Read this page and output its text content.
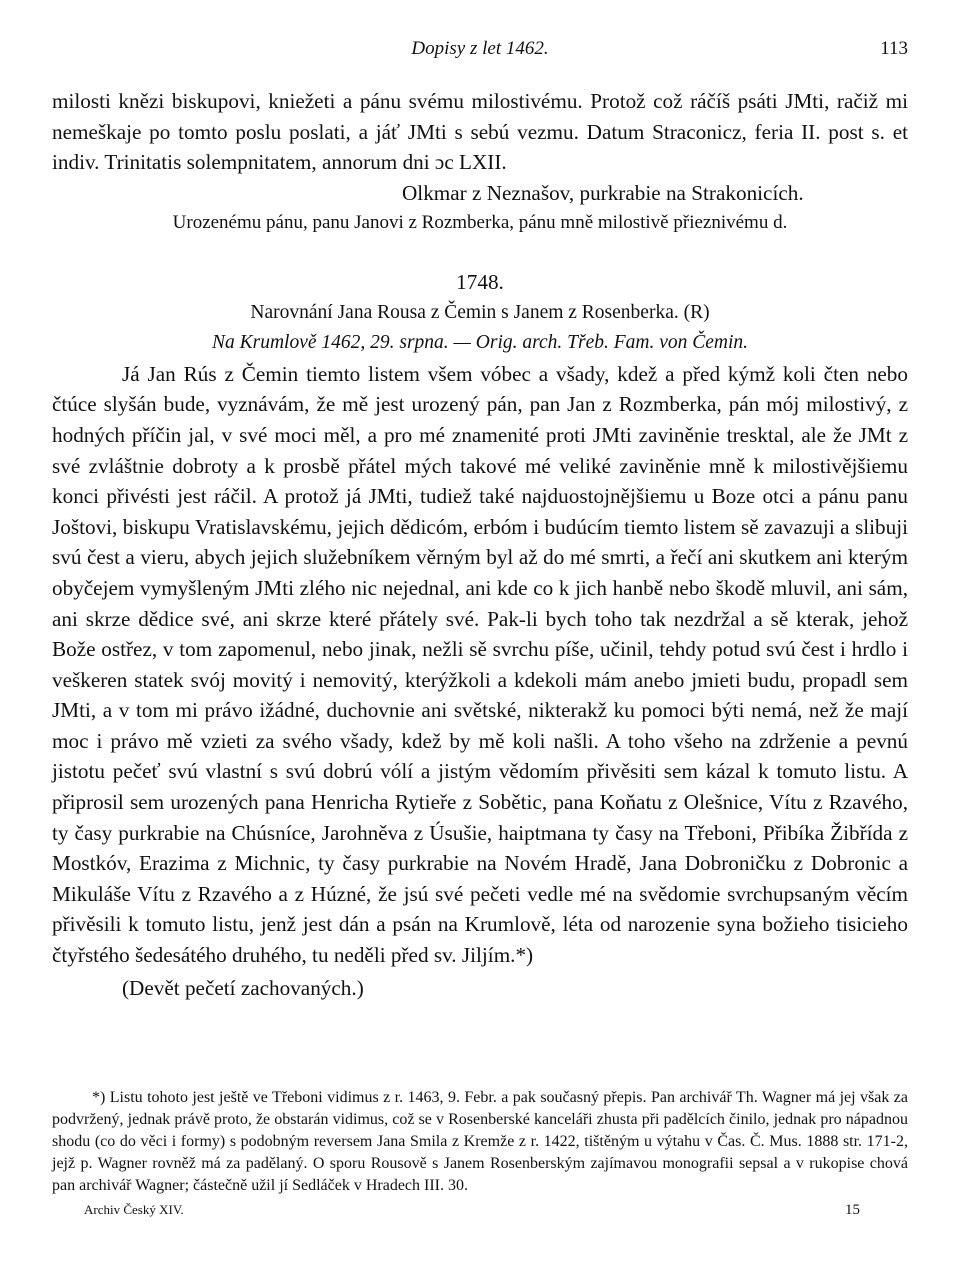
Dopisy z let 1462.	113

milosti knězi biskupovi, kniežeti a pánu svému milostivému. Protož což ráčíš psáti JMti, račiž mi nemeškaje po tomto poslu poslati, a jáť JMti s sebú vezmu. Datum Straconicz, feria II. post s. et indiv. Trinitatis solempnitatem, annorum dni ɔc LXII.

Olkmar z Neznašov, purkrabie na Strakonicích.

Urozenému pánu, panu Janovi z Rozmberka, pánu mně milostivě přieznivému d.

1748.

Narovnání Jana Rousa z Čemin s Janem z Rosenberka. (R)

Na Krumlově 1462, 29. srpna. — Orig. arch. Třeb. Fam. von Čemin.

Já Jan Rús z Čemin tiemto listem všem vóbec a všady, kdež a před kýmž koli čten nebo čtúce slyšán bude, vyznávám, že mě jest urozený pán, pan Jan z Rozmberka, pán mój milostivý, z hodných příčin jal, v své moci měl, a pro mé znamenité proti JMti zaviněnie tresktal, ale že JMt z své zvláštnie dobroty a k prosbě přátel mých takové mé veliké zaviněnie mně k milostivějšiemu konci přivésti jest ráčil. A protož já JMti, tudiež také najduostojnějšiemu u Boze otci a pánu panu Joštovi, biskupu Vratislavskému, jejich dědicóm, erbóm i budúcím tiemto listem sě zavazuji a slibuji svú čest a vieru, abych jejich služebníkem věrným byl až do mé smrti, a řečí ani skutkem ani kterým obyčejem vymyšleným JMti zlého nic nejednal, ani kde co k jich hanbě nebo škodě mluvil, ani sám, ani skrze dědice své, ani skrze které přátely své. Pak-li bych toho tak nezdržal a sě kterak, jehož Bože ostřez, v tom zapomenul, nebo jinak, nežli sě svrchu píše, učinil, tehdy potud svú čest i hrdlo i veškeren statek svój movitý i nemovitý, kterýžkoli a kdekoli mám anebo jmieti budu, propadl sem JMti, a v tom mi právo ižádné, duchovnie ani světské, nikterakž ku pomoci býti nemá, než že mají moc i právo mě vzieti za svého všady, kdež by mě koli našli. A toho všeho na zdrženie a pevnú jistotu pečeť svú vlastní s svú dobrú vólí a jistým vědomím přivěsiti sem kázal k tomuto listu. A připrosil sem urozených pana Henricha Rytieře z Sobětic, pana Koňatu z Olešnice, Vítu z Rzavého, ty časy purkrabie na Chúsníce, Jarohněva z Úsušie, haiptmana ty časy na Třeboni, Přibíka Žibřída z Mostkóv, Erazima z Michnic, ty časy purkrabie na Novém Hradě, Jana Dobroničku z Dobronic a Mikuláše Vítu z Rzavého a z Húzné, že jsú své pečeti vedle mé na svědomie svrchupsaným věcím přivěsili k tomuto listu, jenž jest dán a psán na Krumlově, léta od narozenie syna božieho tisicieho čtyřstého šedesátého druhého, tu neděli před sv. Jiljím.*)

(Devět pečetí zachovaných.)

*) Listu tohoto jest ještě ve Třeboni vidimus z r. 1463, 9. Febr. a pak současný přepis. Pan archivář Th. Wagner má jej však za podvržený, jednak právě proto, že obstarán vidimus, což se v Rosenberské kanceláři zhusta při padělcích činilo, jednak pro nápadnou shodu (co do věci i formy) s podobným reversem Jana Smila z Kremže z r. 1422, tištěným u výtahu v Čas. Č. Mus. 1888 str. 171-2, jejž p. Wagner rovněž má za padělaný. O sporu Rousově s Janem Rosenberským zajímavou monografii sepsal a v rukopise chová pan archivář Wagner; částečně užil jí Sedláček v Hradech III. 30.

Archiv Český XIV.	15
